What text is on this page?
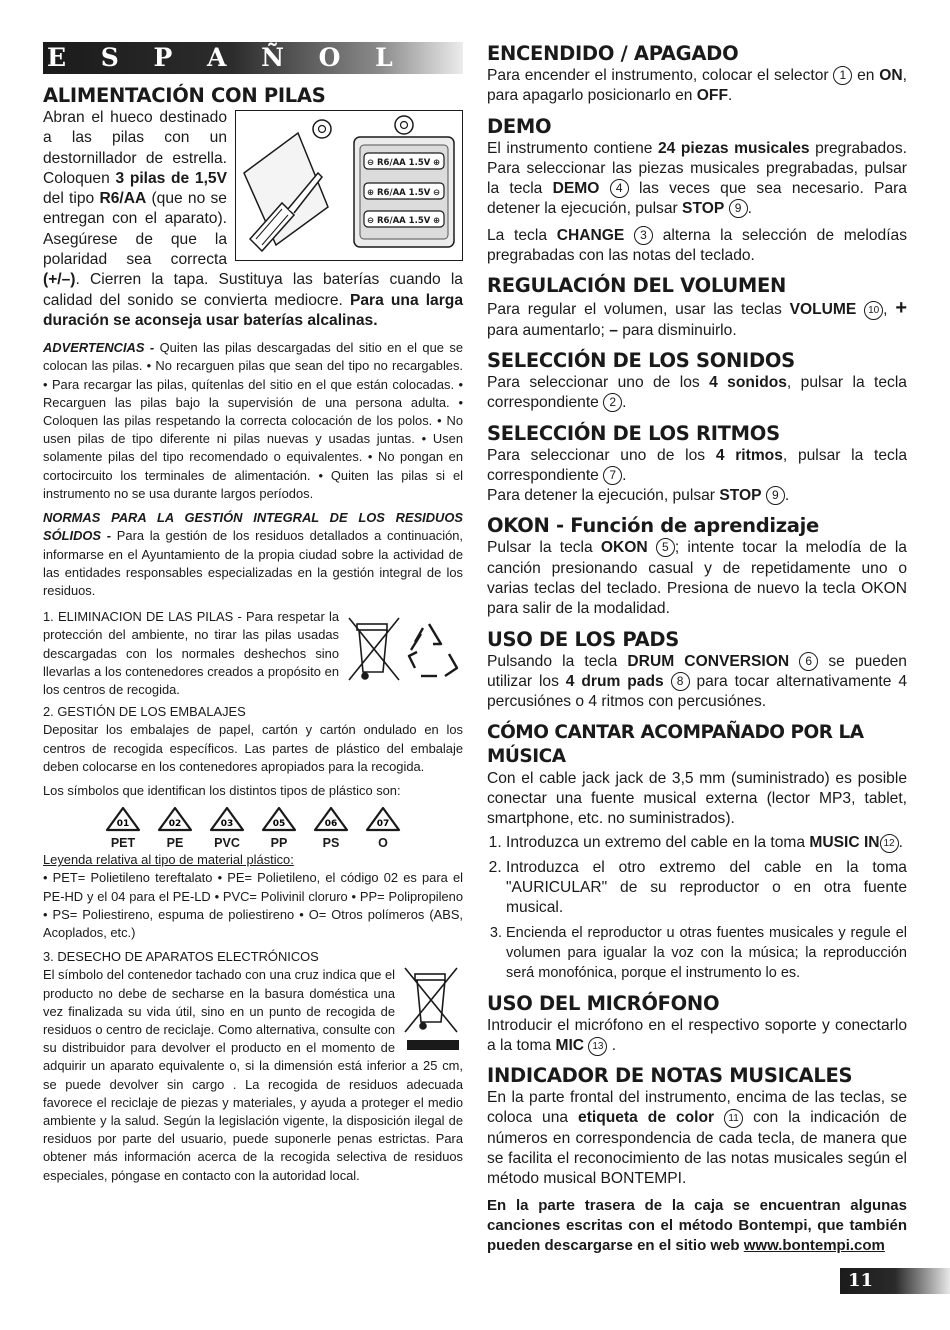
E S P A Ñ O L
ALIMENTACIÓN CON PILAS
⊖ R6/AA 1.5V ⊕
⊕ R6/AA 1.5V ⊖
⊖ R6/AA 1.5V ⊕

Abran el hueco destinado a las pilas con un destornillador de estrella. Coloquen 3 pilas de 1,5V del tipo R6/AA (que no se entregan con el aparato). Asegúrese de que la polaridad sea correcta (+/–). Cierren la tapa. Sustituya las baterías cuando la calidad del sonido se convierta mediocre. Para una larga duración se aconseja usar baterías alcalinas.

ADVERTENCIAS - Quiten las pilas descargadas del sitio en el que se colocan las pilas. • No recarguen pilas que sean del tipo no recargables. • Para recargar las pilas, quítenlas del sitio en el que están colocadas. • Recarguen las pilas bajo la supervisión de una persona adulta. • Coloquen las pilas respetando la correcta colocación de los polos. • No usen pilas de tipo diferente ni pilas nuevas y usadas juntas. • Usen solamente pilas del tipo recomendado o equivalentes. • No pongan en cortocircuito los terminales de alimentación. • Quiten las pilas si el instrumento no se usa durante largos períodos.

NORMAS PARA LA GESTIÓN INTEGRAL DE LOS RESIDUOS SÓLIDOS - Para la gestión de los residuos detallados a continuación, informarse en el Ayuntamiento de la propia ciudad sobre la actividad de las entidades responsables especializadas en la gestión integral de los residuos.

1. ELIMINACION DE LAS PILAS - Para respetar la protección del ambiente, no tirar las pilas usadas descargadas con los normales deshechos sino llevarlas a los contenedores creados a propósito en los centros de recogida.

2. GESTIÓN DE LOS EMBALAJES

Depositar los embalajes de papel, cartón y cartón ondulado en los centros de recogida específicos. Las partes de plástico del embalaje deben colocarse en los contenedores apropiados para la recogida.

Los símbolos que identifican los distintos tipos de plástico son:

01
PET
02
PE
03
PVC
05
PP
06
PS
07
O

Leyenda relativa al tipo de material plástico:

• PET= Polietileno tereftalato • PE= Polietileno, el código 02 es para el PE-HD y el 04 para el PE-LD • PVC= Polivinil cloruro • PP= Polipropileno • PS= Poliestireno, espuma de poliestireno • O= Otros polímeros (ABS, Acoplados, etc.)

3. DESECHO DE APARATOS ELECTRÓNICOS

El símbolo del contenedor tachado con una cruz indica que el producto no debe de secharse en la basura doméstica una vez finalizada su vida útil, sino en un punto de recogida de residuos o centro de reciclaje. Como alternativa, consulte con su distribuidor para devolver el producto en el momento de adquirir un aparato equivalente o, si la dimensión está inferior a 25 cm, se puede devolver sin cargo . La recogida de residuos adecuada favorece el reciclaje de piezas y materiales, y ayuda a proteger el medio ambiente y la salud. Según la legislación vigente, la disposición ilegal de residuos por parte del usuario, puede suponerle penas estrictas. Para obtener más información acerca de la recogida selectiva de residuos especiales, póngase en contacto con la autoridad local.

ENCENDIDO / APAGADO

Para encender el instrumento, colocar el selector 1 en ON, para apagarlo posicionarlo en OFF.

DEMO

El instrumento contiene 24 piezas musicales pregrabados. Para seleccionar las piezas musicales pregrabadas, pulsar la tecla DEMO 4 las veces que sea necesario. Para detener la ejecución, pulsar STOP 9 .

La tecla CHANGE 3 alterna la selección de melodías pregrabadas con las notas del teclado.

REGULACIÓN DEL VOLUMEN

Para regular el volumen, usar las teclas VOLUME 10 , + para aumentarlo; – para disminuirlo.

SELECCIÓN DE LOS SONIDOS

Para seleccionar uno de los 4 sonidos, pulsar la tecla correspondiente 2 .

SELECCIÓN DE LOS RITMOS

Para seleccionar uno de los 4 ritmos, pulsar la tecla correspondiente 7 .
Para detener la ejecución, pulsar STOP 9 .

OKON - Función de aprendizaje

Pulsar la tecla OKON 5 ; intente tocar la melodía de la canción presionando casual y de repetidamente uno o varias teclas del teclado. Presiona de nuevo la tecla OKON para salir de la modalidad.

USO DE LOS PADS

Pulsando la tecla DRUM CONVERSION 6 se pueden utilizar los 4 drum pads 8 para tocar alternativamente 4 percusiónes o 4 ritmos con percusiónes.

CÓMO CANTAR ACOMPAÑADO POR LA MÚSICA

Con el cable jack jack de 3,5 mm (suministrado) es posible conectar una fuente musical externa (lector MP3, tablet, smartphone, etc. no suministrados).

1. Introduzca un extremo del cable en la toma MUSIC IN 12 .
2. Introduzca el otro extremo del cable en la toma "AURICULAR" de su reproductor o en otra fuente musical.
3. Encienda el reproductor u otras fuentes musicales y regule el volumen para igualar la voz con la música; la reproducción será monofónica, porque el instrumento lo es.
USO DEL MICRÓFONO

Introducir el micrófono en el respectivo soporte y conectarlo a la toma MIC 13 .

INDICADOR DE NOTAS MUSICALES

En la parte frontal del instrumento, encima de las teclas, se coloca una etiqueta de color 11 con la indicación de números en correspondencia de cada tecla, de manera que se facilita el reconocimiento de las notas musicales según el método musical BONTEMPI.

En la parte trasera de la caja se encuentran algunas canciones escritas con el método Bontempi, que también pueden descargarse en el sitio web www.bontempi.com

11
